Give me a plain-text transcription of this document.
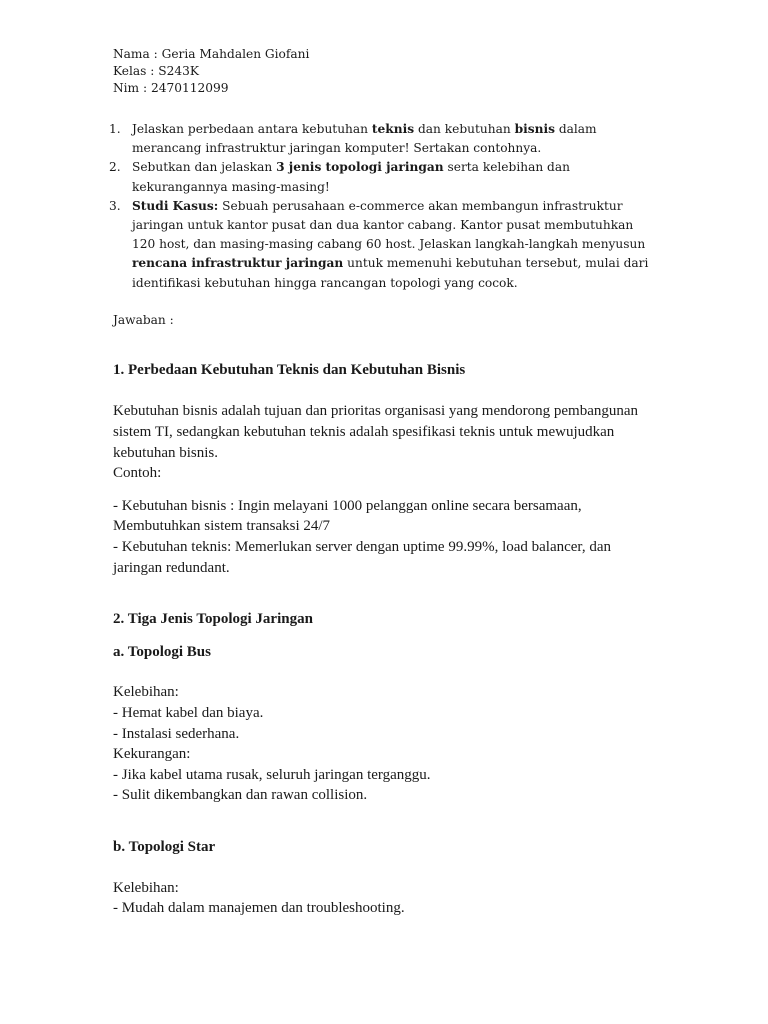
Nama : Geria Mahdalen Giofani
Kelas : S243K
Nim : 2470112099
1. Jelaskan perbedaan antara kebutuhan teknis dan kebutuhan bisnis dalam merancang infrastruktur jaringan komputer! Sertakan contohnya.
2. Sebutkan dan jelaskan 3 jenis topologi jaringan serta kelebihan dan kekurangannya masing-masing!
3. Studi Kasus: Sebuah perusahaan e-commerce akan membangun infrastruktur jaringan untuk kantor pusat dan dua kantor cabang. Kantor pusat membutuhkan 120 host, dan masing-masing cabang 60 host. Jelaskan langkah-langkah menyusun rencana infrastruktur jaringan untuk memenuhi kebutuhan tersebut, mulai dari identifikasi kebutuhan hingga rancangan topologi yang cocok.
Jawaban :
1. Perbedaan Kebutuhan Teknis dan Kebutuhan Bisnis

Kebutuhan bisnis adalah tujuan dan prioritas organisasi yang mendorong pembangunan sistem TI, sedangkan kebutuhan teknis adalah spesifikasi teknis untuk mewujudkan kebutuhan bisnis.

Contoh:

- Kebutuhan bisnis : Ingin melayani 1000 pelanggan online secara bersamaan, Membutuhkan sistem transaksi 24/7

- Kebutuhan teknis: Memerlukan server dengan uptime 99.99%, load balancer, dan jaringan redundant.

2. Tiga Jenis Topologi Jaringan
a. Topologi Bus

Kelebihan:

- Hemat kabel dan biaya.

- Instalasi sederhana.

Kekurangan:

- Jika kabel utama rusak, seluruh jaringan terganggu.

- Sulit dikembangkan dan rawan collision.

b. Topologi Star

Kelebihan:

- Mudah dalam manajemen dan troubleshooting.
